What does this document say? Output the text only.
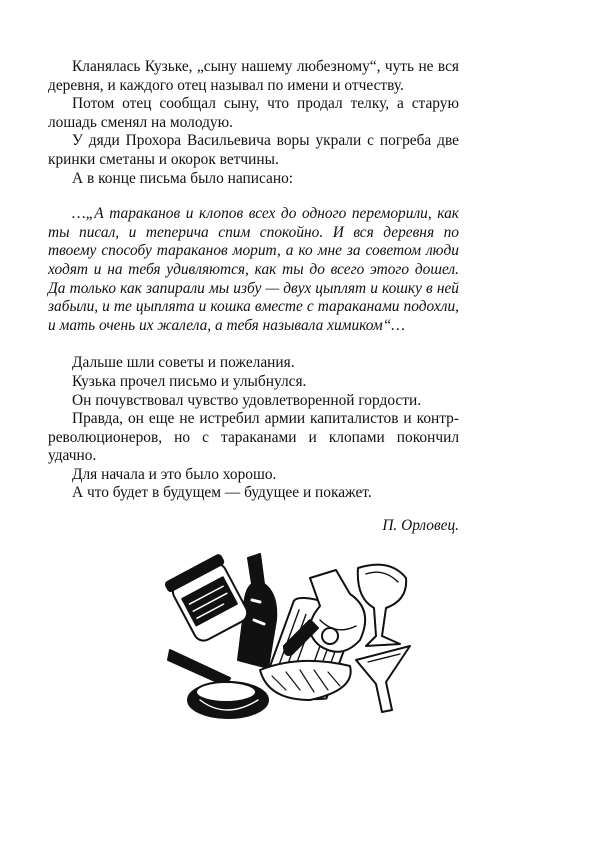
Кланялась Кузьке, „сыну нашему любезному“, чуть не вся деревня, и каждого отец называл по имени и отчеству.

Потом отец сообщал сыну, что продал телку, а старую лошадь сменял на молодую.

У дяди Прохора Васильевича воры украли с погреба две кринки сметаны и окорок ветчины.

А в конце письма было написано:

…„А тараканов и клопов всех до одного переморили, как ты писал, и теперича спим спокойно. И вся деревня по твоему способу тараканов морит, а ко мне за советом люди ходят и на тебя удивляются, как ты до всего этого дошел. Да только как запирали мы избу — двух цыплят и кошку в ней забыли, и те цыплята и кошка вместе с тараканами подохли, и мать очень их жалела, а тебя называла химиком“…

Дальше шли советы и пожелания.

Кузька прочел письмо и улыбнулся.

Он почувствовал чувство удовлетворенной гордости.

Правда, он еще не истребил армии капиталистов и контр-революционеров, но с тараканами и клопами покончил удачно.

Для начала и это было хорошо.

А что будет в будущем — будущее и покажет.

П. Орловец.
